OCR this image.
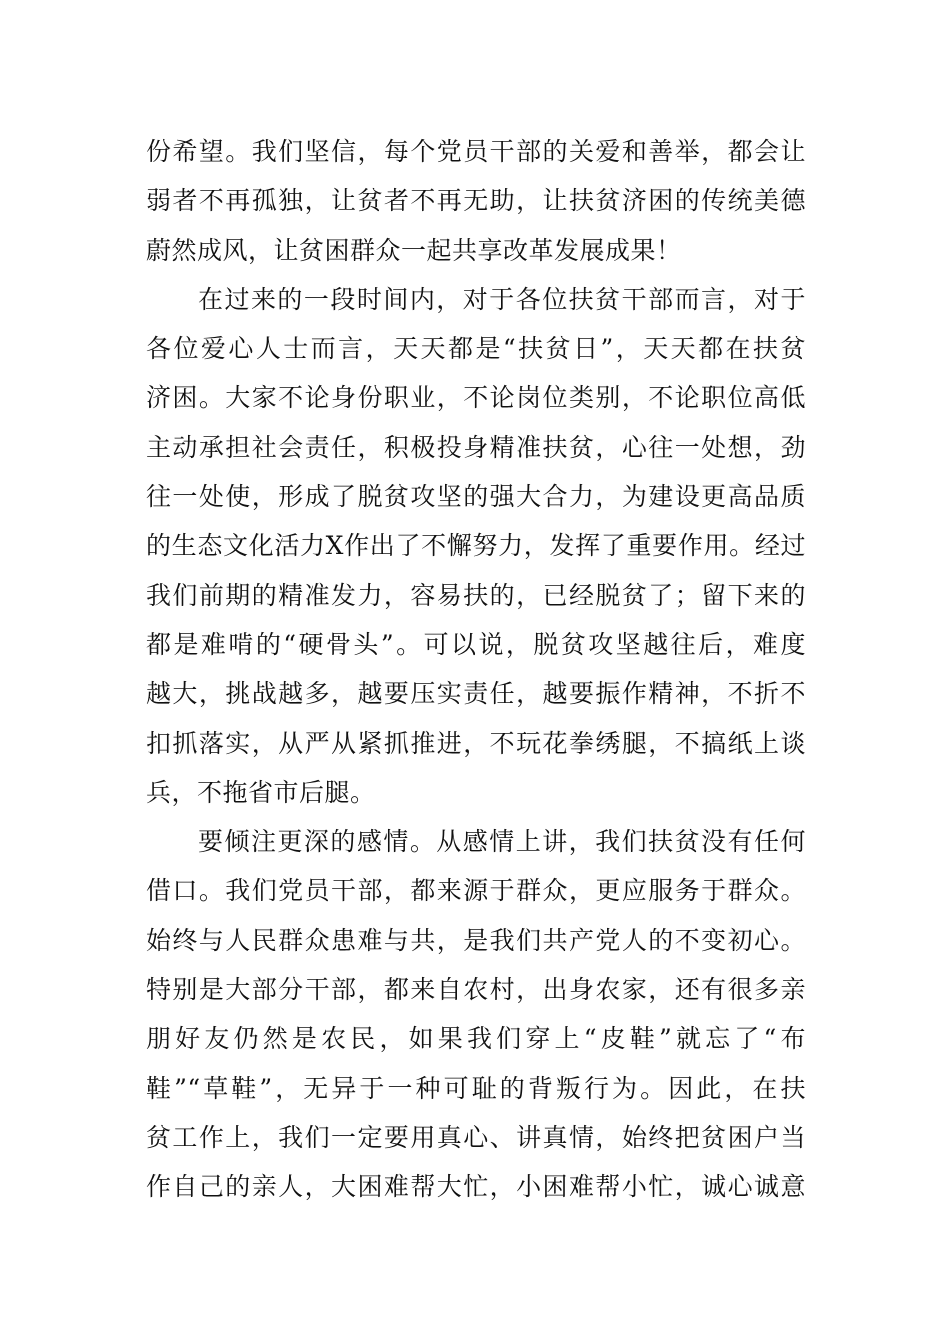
份希望。我们坚信，每个党员干部的关爱和善举，都会让
弱者不再孤独，让贫者不再无助，让扶贫济困的传统美德
蔚然成风，让贫困群众一起共享改革发展成果！
在过来的一段时间内，对于各位扶贫干部而言，对于
各位爱心人士而言，天天都是“扶贫日”，天天都在扶贫
济困。大家不论身份职业，不论岗位类别，不论职位高低
主动承担社会责任，积极投身精准扶贫，心往一处想，劲
往一处使，形成了脱贫攻坚的强大合力，为建设更高品质
的生态文化活力X作出了不懈努力，发挥了重要作用。经过
我们前期的精准发力，容易扶的，已经脱贫了；留下来的
都是难啃的“硬骨头”。可以说，脱贫攻坚越往后，难度
越大，挑战越多，越要压实责任，越要振作精神，不折不
扣抓落实，从严从紧抓推进，不玩花拳绣腿，不搞纸上谈
兵，不拖省市后腿。
要倾注更深的感情。从感情上讲，我们扶贫没有任何
借口。我们党员干部，都来源于群众，更应服务于群众。
始终与人民群众患难与共，是我们共产党人的不变初心。
特别是大部分干部，都来自农村，出身农家，还有很多亲
朋好友仍然是农民，如果我们穿上“皮鞋”就忘了“布
鞋”“草鞋”，无异于一种可耻的背叛行为。因此，在扶
贫工作上，我们一定要用真心、讲真情，始终把贫困户当
作自己的亲人，大困难帮大忙，小困难帮小忙，诚心诚意
